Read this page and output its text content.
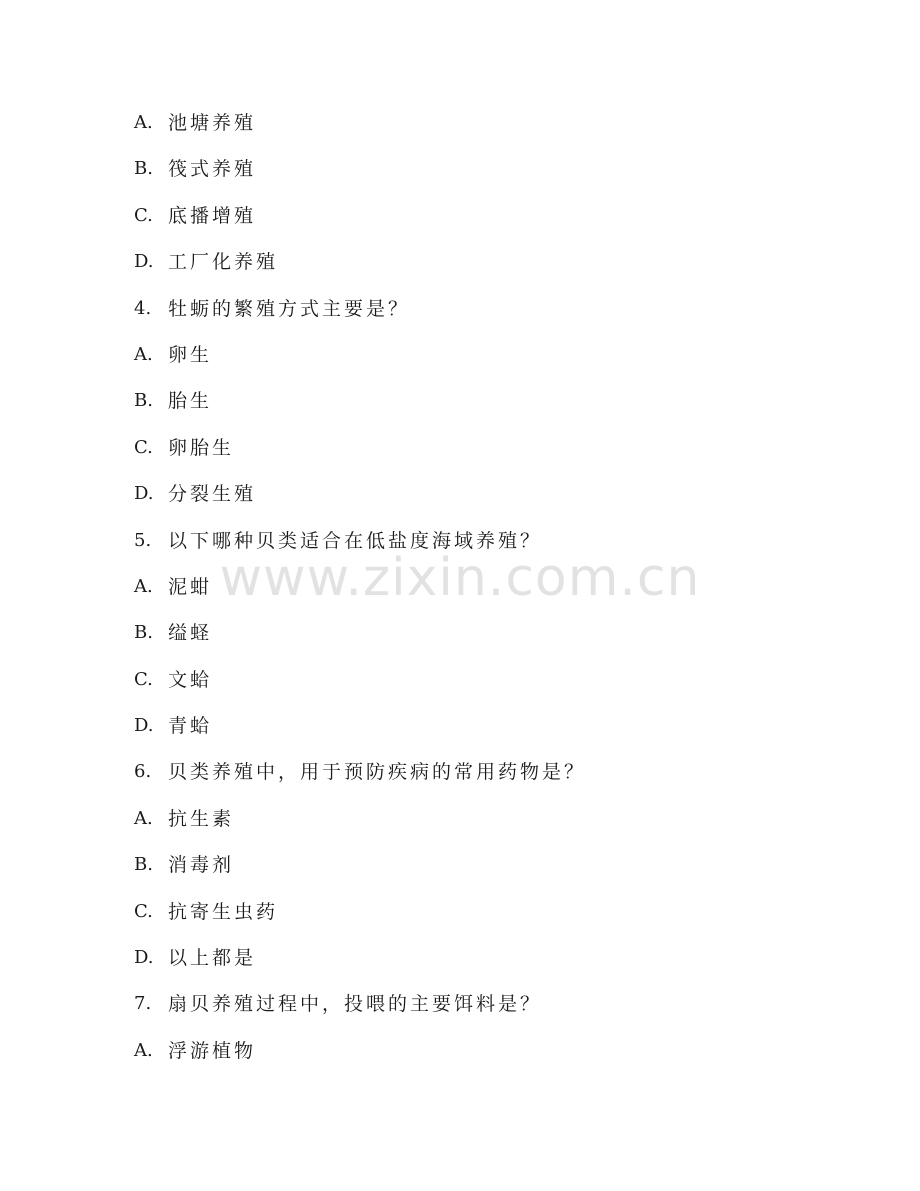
A. 池塘养殖
B. 筏式养殖
C. 底播增殖
D. 工厂化养殖
4. 牡蛎的繁殖方式主要是？
A. 卵生
B. 胎生
C. 卵胎生
D. 分裂生殖
5. 以下哪种贝类适合在低盐度海域养殖？
A. 泥蚶
B. 缢蛏
C. 文蛤
D. 青蛤
6. 贝类养殖中，用于预防疾病的常用药物是？
A. 抗生素
B. 消毒剂
C. 抗寄生虫药
D. 以上都是
7. 扇贝养殖过程中，投喂的主要饵料是？
A. 浮游植物
www.zixin.com.cn
